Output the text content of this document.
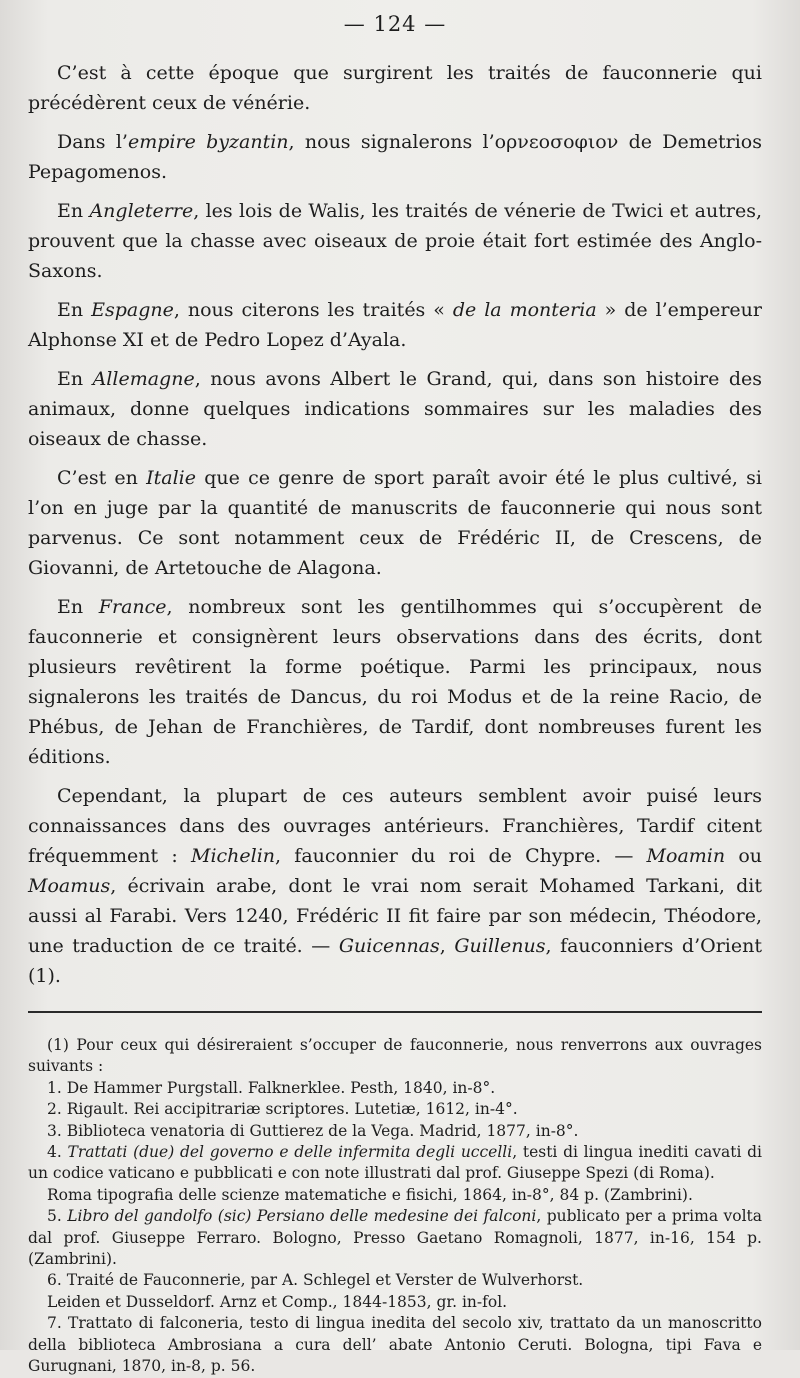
— 124 —

C’est à cette époque que surgirent les traités de fauconnerie qui précédèrent ceux de vénérie.

Dans l’empire byzantin, nous signalerons l’ορνεοσοφιον de Demetrios Pepagomenos.

En Angleterre, les lois de Walis, les traités de vénerie de Twici et autres, prouvent que la chasse avec oiseaux de proie était fort estimée des Anglo-Saxons.

En Espagne, nous citerons les traités « de la monteria » de l’empereur Alphonse XI et de Pedro Lopez d’Ayala.

En Allemagne, nous avons Albert le Grand, qui, dans son histoire des animaux, donne quelques indications sommaires sur les maladies des oiseaux de chasse.

C’est en Italie que ce genre de sport paraît avoir été le plus cultivé, si l’on en juge par la quantité de manuscrits de fauconnerie qui nous sont parvenus. Ce sont notamment ceux de Frédéric II, de Crescens, de Giovanni, de Artetouche de Alagona.

En France, nombreux sont les gentilhommes qui s’occupèrent de fauconnerie et consignèrent leurs observations dans des écrits, dont plusieurs revêtirent la forme poétique. Parmi les principaux, nous signalerons les traités de Dancus, du roi Modus et de la reine Racio, de Phébus, de Jehan de Franchières, de Tardif, dont nombreuses furent les éditions.

Cependant, la plupart de ces auteurs semblent avoir puisé leurs connaissances dans des ouvrages antérieurs. Franchières, Tardif citent fréquemment : Michelin, fauconnier du roi de Chypre. — Moamin ou Moamus, écrivain arabe, dont le vrai nom serait Mohamed Tarkani, dit aussi al Farabi. Vers 1240, Frédéric II fit faire par son médecin, Théodore, une traduction de ce traité. — Guicennas, Guillenus, fauconniers d’Orient (1).

(1) Pour ceux qui désireraient s’occuper de fauconnerie, nous renverrons aux ouvrages suivants :

1. De Hammer Purgstall. Falknerklee. Pesth, 1840, in-8°.

2. Rigault. Rei accipitrariæ scriptores. Lutetiæ, 1612, in-4°.

3. Biblioteca venatoria di Guttierez de la Vega. Madrid, 1877, in-8°.

4. Trattati (due) del governo e delle infermita degli uccelli, testi di lingua inediti cavati di un codice vaticano e pubblicati e con note illustrati dal prof. Giuseppe Spezi (di Roma).

Roma tipografia delle scienze matematiche e fisichi, 1864, in-8°, 84 p. (Zambrini).

5. Libro del gandolfo (sic) Persiano delle medesine dei falconi, publicato per a prima volta dal prof. Giuseppe Ferraro. Bologno, Presso Gaetano Romagnoli, 1877, in-16, 154 p. (Zambrini).

6. Traité de Fauconnerie, par A. Schlegel et Verster de Wulverhorst.

Leiden et Dusseldorf. Arnz et Comp., 1844-1853, gr. in-fol.

7. Trattato di falconeria, testo di lingua inedita del secolo xiv, trattato da un manoscritto della biblioteca Ambrosiana a cura dell’ abate Antonio Ceruti. Bologna, tipi Fava e Gurugnani, 1870, in-8, p. 56.
